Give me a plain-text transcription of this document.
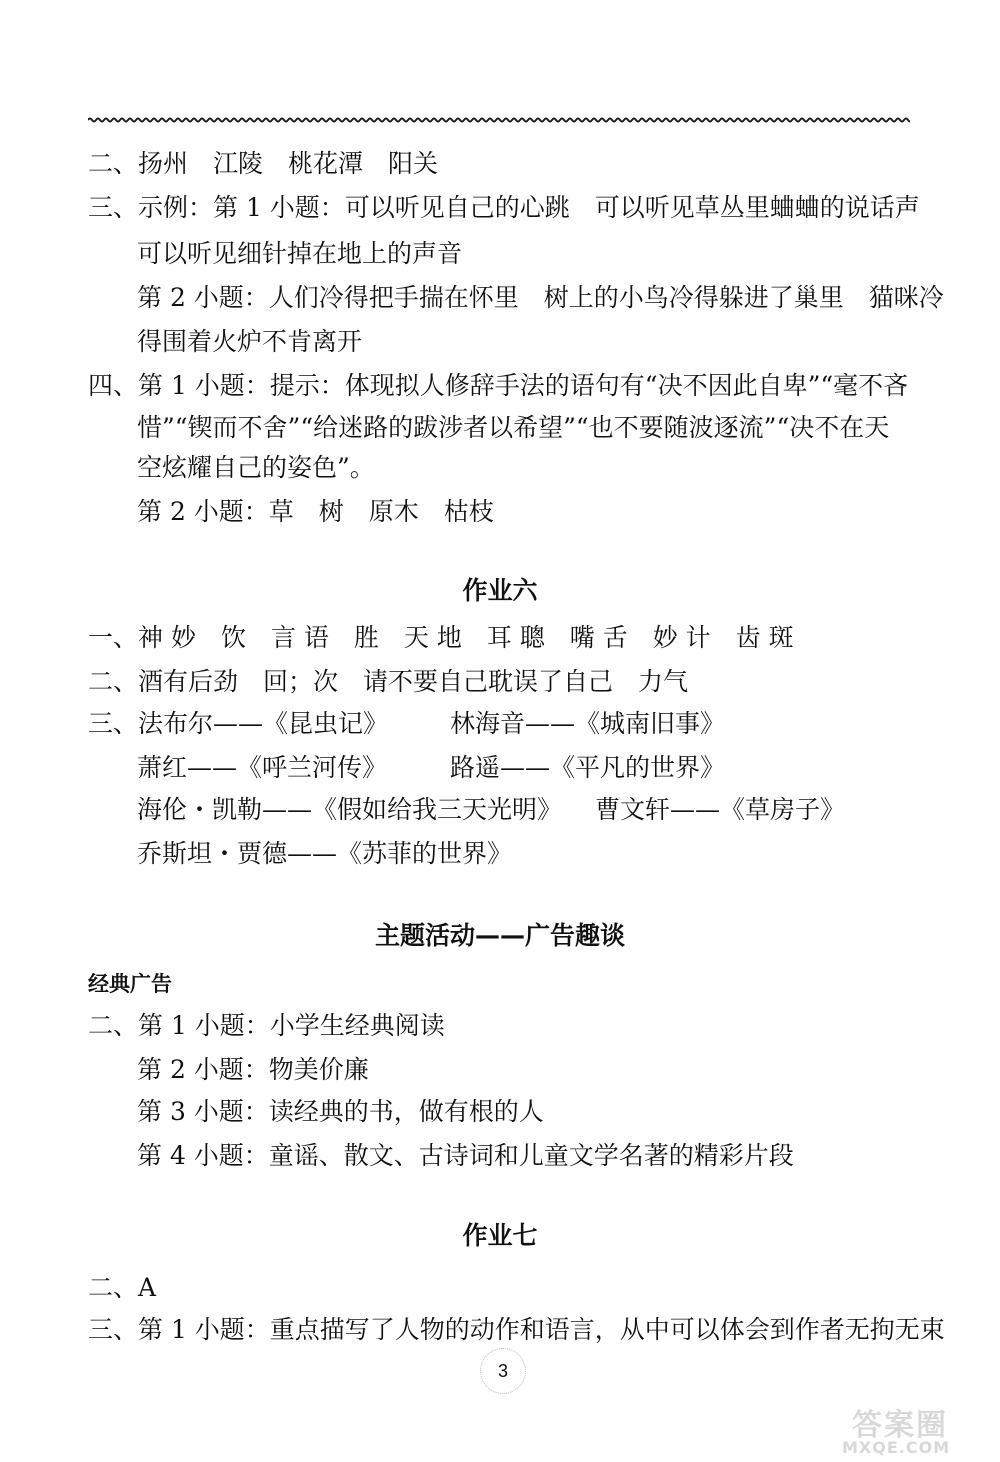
二、扬州　江陵　桃花潭　阳关
三、示例：第 1 小题：可以听见自己的心跳　可以听见草丛里蛐蛐的说话声
可以听见细针掉在地上的声音
第 2 小题：人们冷得把手揣在怀里　树上的小鸟冷得躲进了巢里　猫咪冷
得围着火炉不肯离开
四、第 1 小题：提示：体现拟人修辞手法的语句有“决不因此自卑”“毫不吝
惜”“锲而不舍”“给迷路的跋涉者以希望”“也不要随波逐流”“决不在天
空炫耀自己的姿色”。
第 2 小题：草　树　原木　枯枝
作业六
一、神 妙　饮　言 语　胜　天 地　耳 聰　嘴 舌　妙 计　齿 斑
二、酒有后劲　回；次　请不要自己耽误了自己　力气
三、法布尔——《昆虫记》 林海音——《城南旧事》
萧红——《呼兰河传》	路遥——《平凡的世界》
海伦・凯勒——《假如给我三天光明》 曹文轩——《草房子》
乔斯坦・贾德——《苏菲的世界》
主题活动——广告趣谈
经典广告
二、第 1 小题：小学生经典阅读
第 2 小题：物美价廉
第 3 小题：读经典的书，做有根的人
第 4 小题：童谣、散文、古诗词和儿童文学名著的精彩片段
作业七
二、A
三、第 1 小题：重点描写了人物的动作和语言，从中可以体会到作者无拘无束
3
答案圈
MXQE.COM
